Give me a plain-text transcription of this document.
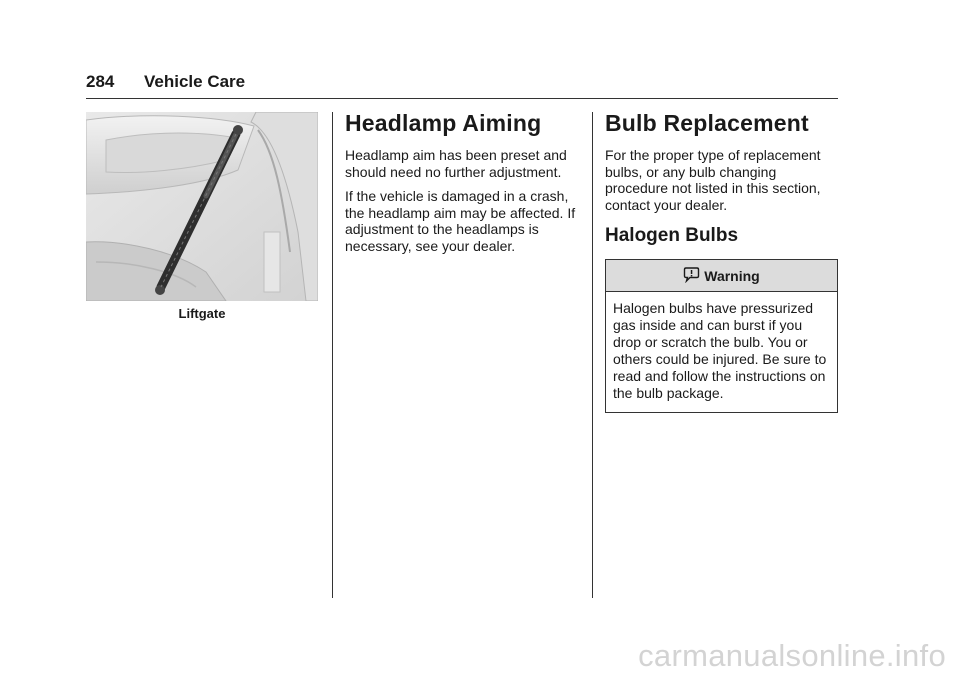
284 Vehicle Care
Liftgate
Headlamp Aiming

Headlamp aim has been preset and should need no further adjustment.

If the vehicle is damaged in a crash, the headlamp aim may be affected. If adjustment to the headlamps is necessary, see your dealer.

Bulb Replacement

For the proper type of replacement bulbs, or any bulb changing procedure not listed in this section, contact your dealer.

Halogen Bulbs
Warning

Halogen bulbs have pressurized gas inside and can burst if you drop or scratch the bulb. You or others could be injured. Be sure to read and follow the instructions on the bulb package.

carmanualsonline.info
